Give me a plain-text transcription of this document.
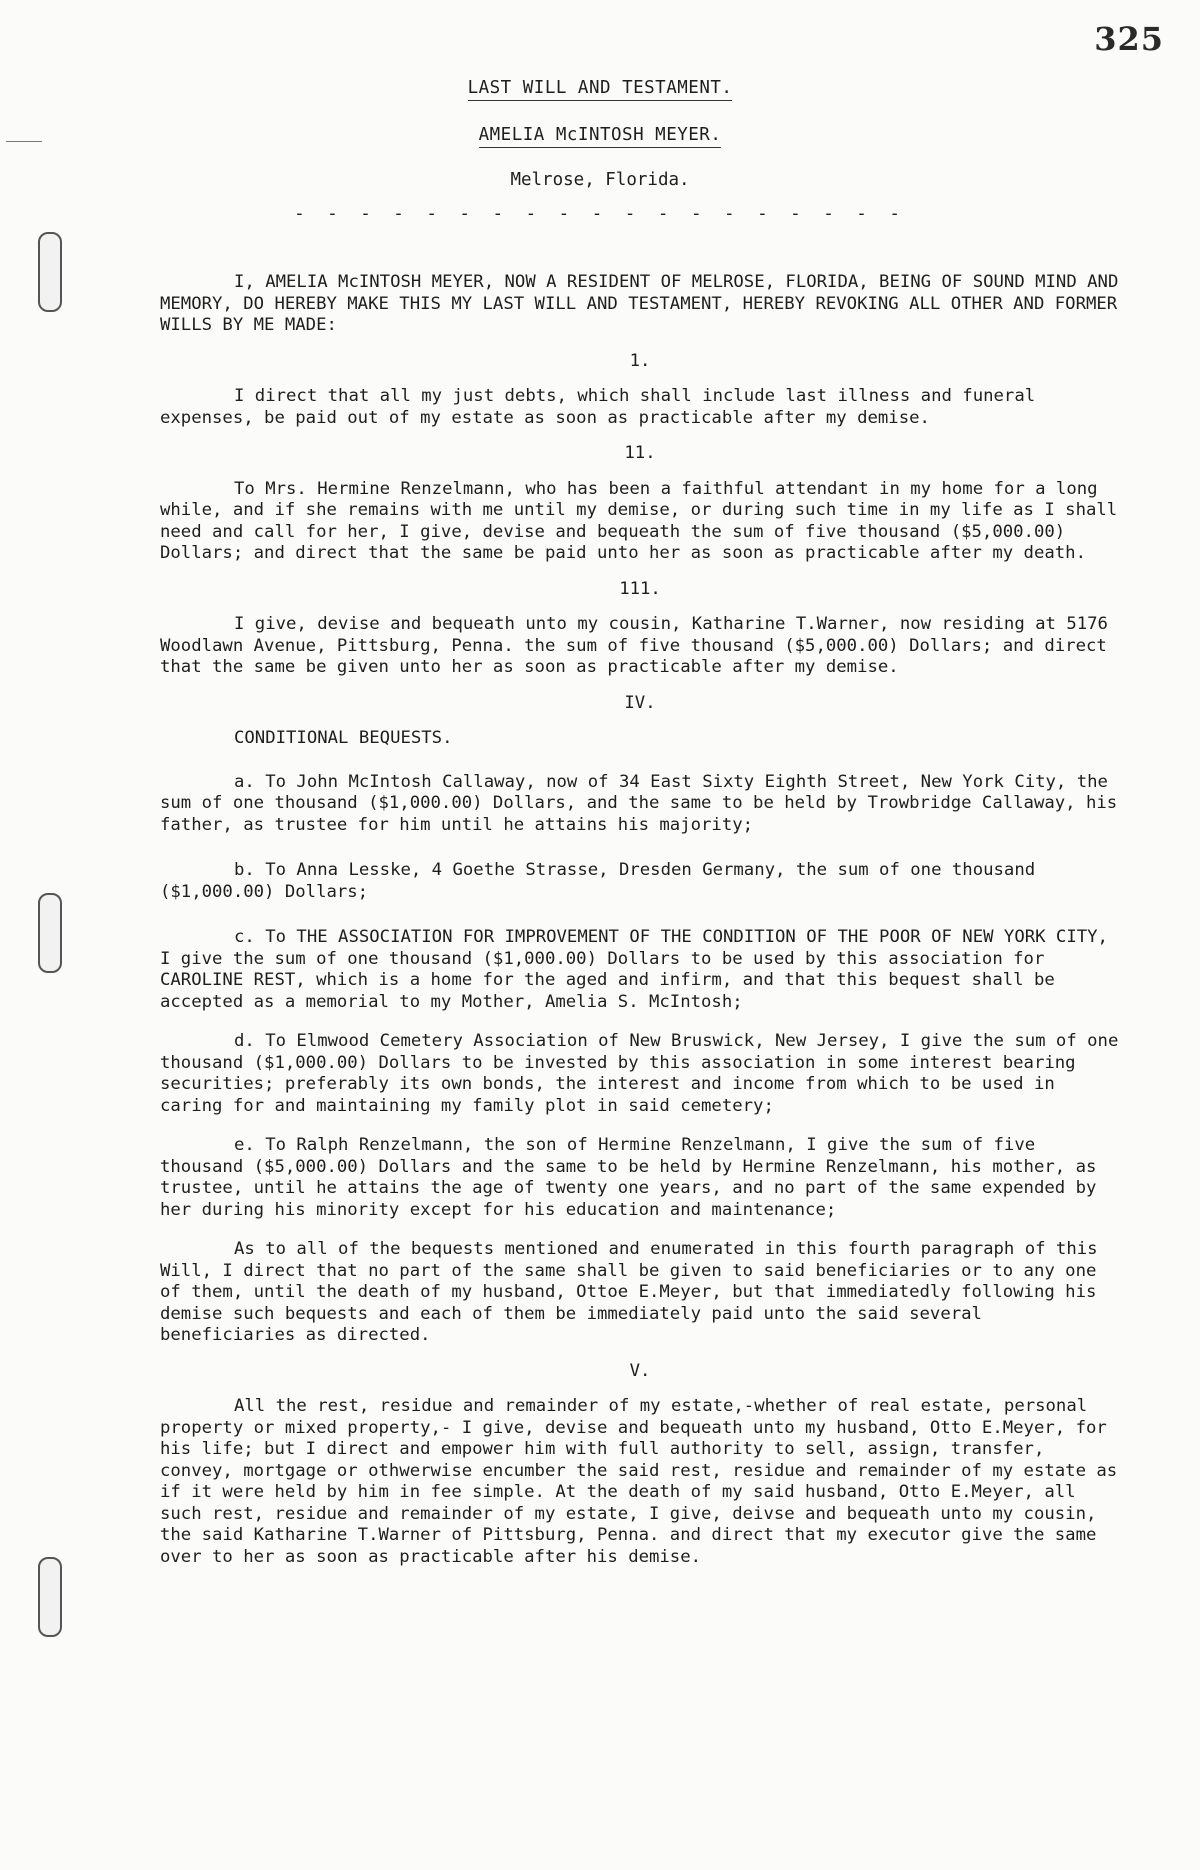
325
LAST WILL AND TESTAMENT.
AMELIA McINTOSH MEYER.
Melrose, Florida.
- - - - - - - - - - - - - - - - - - -

I, AMELIA McINTOSH MEYER, NOW A RESIDENT OF MELROSE, FLORIDA, BEING OF SOUND MIND AND MEMORY, DO HEREBY MAKE THIS MY LAST WILL AND TESTAMENT, HEREBY REVOKING ALL OTHER AND FORMER WILLS BY ME MADE:

1.

I direct that all my just debts, which shall include last illness and funeral expenses, be paid out of my estate as soon as practicable after my demise.

11.

To Mrs. Hermine Renzelmann, who has been a faithful attendant in my home for a long while, and if she remains with me until my demise, or during such time in my life as I shall need and call for her, I give, devise and bequeath the sum of five thousand ($5,000.00) Dollars; and direct that the same be paid unto her as soon as practicable after my death.

111.

I give, devise and bequeath unto my cousin, Katharine T.Warner, now residing at 5176 Woodlawn Avenue, Pittsburg, Penna. the sum of five thousand ($5,000.00) Dollars; and direct that the same be given unto her as soon as practicable after my demise.

IV.
CONDITIONAL BEQUESTS.

a. To John McIntosh Callaway, now of 34 East Sixty Eighth Street, New York City, the sum of one thousand ($1,000.00) Dollars, and the same to be held by Trowbridge Callaway, his father, as trustee for him until he attains his majority;

b. To Anna Lesske, 4 Goethe Strasse, Dresden Germany, the sum of one thousand ($1,000.00) Dollars;

c. To THE ASSOCIATION FOR IMPROVEMENT OF THE CONDITION OF THE POOR OF NEW YORK CITY, I give the sum of one thousand ($1,000.00) Dollars to be used by this association for CAROLINE REST, which is a home for the aged and infirm, and that this bequest shall be accepted as a memorial to my Mother, Amelia S. McIntosh;

d. To Elmwood Cemetery Association of New Bruswick, New Jersey, I give the sum of one thousand ($1,000.00) Dollars to be invested by this association in some interest bearing securities; preferably its own bonds, the interest and income from which to be used in caring for and maintaining my family plot in said cemetery;

e. To Ralph Renzelmann, the son of Hermine Renzelmann, I give the sum of five thousand ($5,000.00) Dollars and the same to be held by Hermine Renzelmann, his mother, as trustee, until he attains the age of twenty one years, and no part of the same expended by her during his minority except for his education and maintenance;

As to all of the bequests mentioned and enumerated in this fourth paragraph of this Will, I direct that no part of the same shall be given to said beneficiaries or to any one of them, until the death of my husband, Ottoe E.Meyer, but that immediatedly following his demise such bequests and each of them be immediately paid unto the said several beneficiaries as directed.

V.

All the rest, residue and remainder of my estate,-whether of real estate, personal property or mixed property,- I give, devise and bequeath unto my husband, Otto E.Meyer, for his life; but I direct and empower him with full authority to sell, assign, transfer, convey, mortgage or othwerwise encumber the said rest, residue and remainder of my estate as if it were held by him in fee simple. At the death of my said husband, Otto E.Meyer, all such rest, residue and remainder of my estate, I give, deivse and bequeath unto my cousin, the said Katharine T.Warner of Pittsburg, Penna. and direct that my executor give the same over to her as soon as practicable after his demise.
